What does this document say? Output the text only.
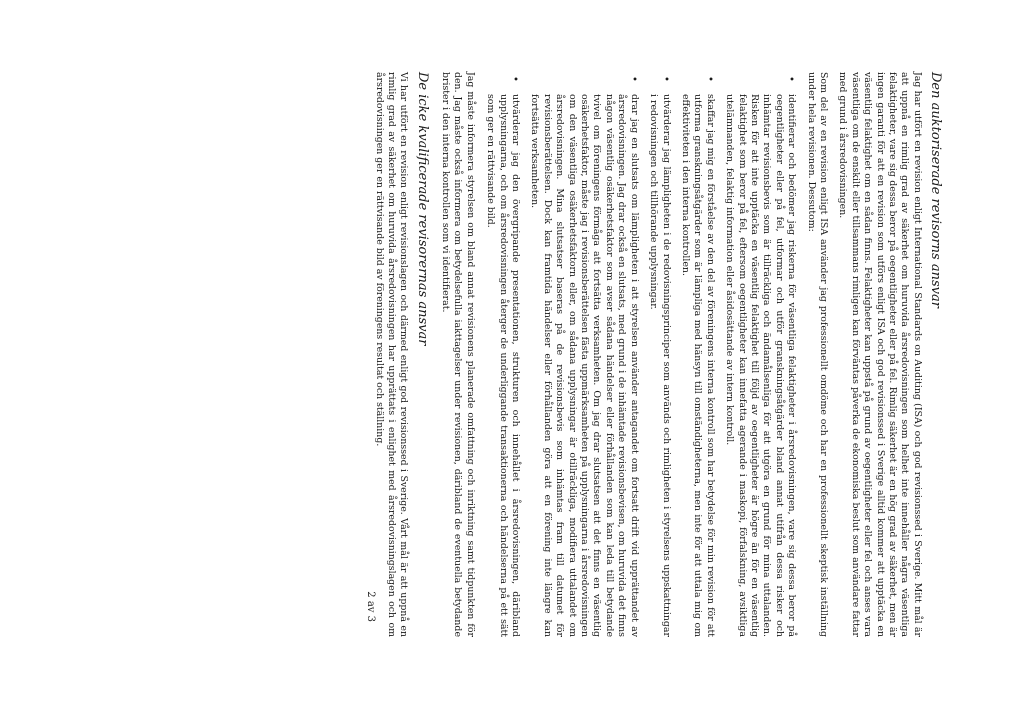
Den auktoriserade revisorns ansvar

Jag har utfört en revision enligt International Standards on Auditing (ISA) och god revisionssed i Sverige. Mitt mål är att uppnå en rimlig grad av säkerhet om huruvida årsredovisningen som helhet inte innehåller några väsentliga felaktigheter, vare sig dessa beror på oegentligheter eller på fel. Rimlig säkerhet är en hög grad av säkerhet, men är ingen garanti för att en revision som utförs enligt ISA och god revisionssed i Sverige alltid kommer att upptäcka en väsentlig felaktighet om en sådan finns. Felaktigheter kan uppstå på grund av oegentligheter eller fel och anses vara väsentliga om de enskilt eller tillsammans rimligen kan förväntas påverka de ekonomiska beslut som användare fattar med grund i årsredovisningen.

Som del av en revision enligt ISA använder jag professionellt omdöme och har en professionellt skeptisk inställning under hela revisionen. Dessutom:

• identifierar och bedömer jag riskerna för väsentliga felaktigheter i årsredovisningen, vare sig dessa beror på oegentligheter eller på fel, utformar och utför granskningsåtgärder bland annat utifrån dessa risker och inhämtar revisionsbevis som är tillräckliga och ändamålsenliga för att utgöra en grund för mina uttalanden. Risken för att inte upptäcka en väsentlig felaktighet till följd av oegentligheter är högre än för en väsentlig felaktighet som beror på fel, eftersom oegentligheter kan innefatta agerande i maskopi, förfalskning, avsiktliga utelämnanden, felaktig information eller åsidosättande av intern kontroll.
• skaffar jag mig en förståelse av den del av föreningens interna kontroll som har betydelse för min revision för att utforma granskningsåtgärder som är lämpliga med hänsyn till omständigheterna, men inte för att uttala mig om effektiviteten i den interna kontrollen.
• utvärderar jag lämpligheten i de redovisningsprinciper som används och rimligheten i styrelsens uppskattningar i redovisningen och tillhörande upplysningar.
• drar jag en slutsats om lämpligheten i att styrelsen använder antagandet om fortsatt drift vid upprättandet av årsredovisningen. Jag drar också en slutsats, med grund i de inhämtade revisionsbevisen, om huruvida det finns någon väsentlig osäkerhetsfaktor som avser sådana händelser eller förhållanden som kan leda till betydande tvivel om föreningens förmåga att fortsätta verksamheten. Om jag drar slutsatsen att det finns en väsentlig osäkerhetsfaktor, måste jag i revisionsberättelsen fästa uppmärksamheten på upplysningarna i årsredovisningen om den väsentliga osäkerhetsfaktorn eller, om sådana upplysningar är otillräckliga, modifiera uttalandet om årsredovisningen. Mina slutsatser baseras på de revisionsbevis som inhämtas fram till datumet för revisionsberättelsen. Dock kan framtida händelser eller förhållanden göra att en förening inte längre kan fortsätta verksamheten.
• utvärderar jag den övergripande presentationen, strukturen och innehållet i årsredovisningen, däribland upplysningarna, och om årsredovisningen återger de underliggande transaktionerna och händelserna på ett sätt som ger en rättvisande bild.

Jag måste informera styrelsen om bland annat revisionens planerade omfattning och inriktning samt tidpunkten för den. Jag måste också informera om betydelsefulla iakttagelser under revisionen, däribland de eventuella betydande brister i den interna kontrollen som vi identifierat.

De icke kvalificerade revisorernas ansvar

Vi har utfört en revision enligt revisionslagen och därmed enligt god revisionssed i Sverige. Vårt mål är att uppnå en rimlig grad av säkerhet om huruvida årsredovisningen har upprättats i enlighet med årsredovisningslagen och om årsredovisningen ger en rättvisande bild av föreningens resultat och ställning.

2 av 3
